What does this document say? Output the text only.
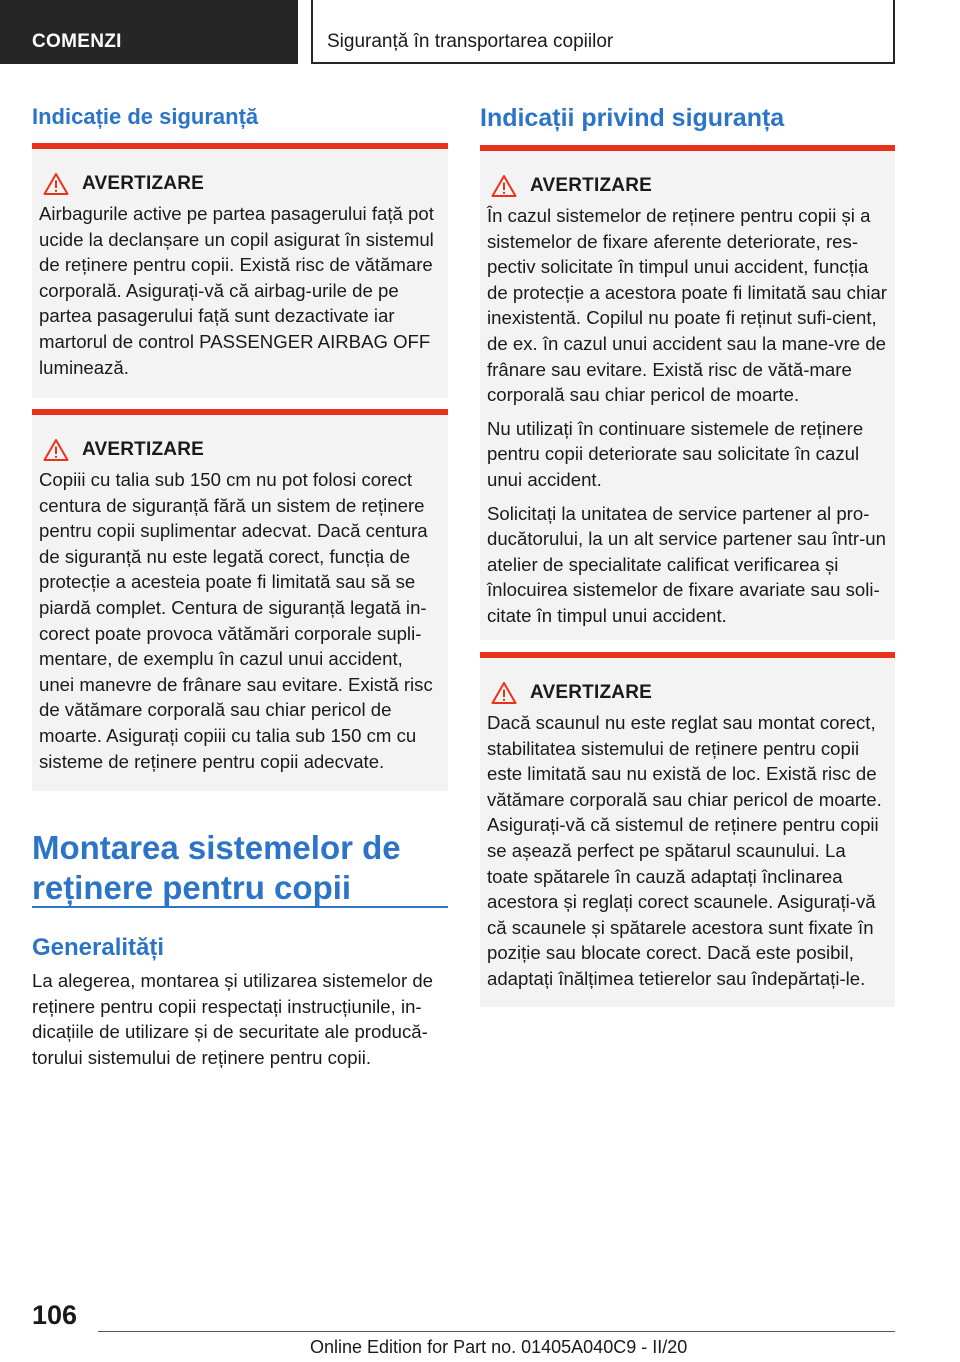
COMENZI	Siguranță în transportarea copiilor
Indicație de siguranță
AVERTIZARE

Airbagurile active pe partea pasagerului față pot ucide la declanșare un copil asigurat în sistemul de reținere pentru copii. Există risc de vătămare corporală. Asigurați-vă că airbag-urile de pe partea pasagerului față sunt dezactivate iar martorul de control PASSENGER AIRBAG OFF luminează.

AVERTIZARE

Copiii cu talia sub 150 cm nu pot folosi corect centura de siguranță fără un sistem de reținere pentru copii suplimentar adecvat. Dacă centura de siguranță nu este legată corect, funcția de protecție a acesteia poate fi limitată sau să se piardă complet. Centura de siguranță legată in-corect poate provoca vătămări corporale supli-mentare, de exemplu în cazul unui accident, unei manevre de frânare sau evitare. Există risc de vătămare corporală sau chiar pericol de moarte. Asigurați copiii cu talia sub 150 cm cu sisteme de reținere pentru copii adecvate.

Montarea sistemelor de reținere pentru copii
Generalități

La alegerea, montarea și utilizarea sistemelor de reținere pentru copii respectați instrucțiunile, in-dicațiile de utilizare și de securitate ale producă-torului sistemului de reținere pentru copii.

Indicații privind siguranța
AVERTIZARE

În cazul sistemelor de reținere pentru copii și a sistemelor de fixare aferente deteriorate, res-pectiv solicitate în timpul unui accident, funcția de protecție a acestora poate fi limitată sau chiar inexistentă. Copilul nu poate fi reținut sufi-cient, de ex. în cazul unui accident sau la mane-vre de frânare sau evitare. Există risc de vătă-mare corporală sau chiar pericol de moarte.

Nu utilizați în continuare sistemele de reținere pentru copii deteriorate sau solicitate în cazul unui accident.

Solicitați la unitatea de service partener al pro-ducătorului, la un alt service partener sau într-un atelier de specialitate calificat verificarea și înlocuirea sistemelor de fixare avariate sau soli-citate în timpul unui accident.

AVERTIZARE

Dacă scaunul nu este reglat sau montat corect, stabilitatea sistemului de reținere pentru copii este limitată sau nu există de loc. Există risc de vătămare corporală sau chiar pericol de moarte. Asigurați-vă că sistemul de reținere pentru copii se așează perfect pe spătarul scaunului. La toate spătarele în cauză adaptați înclinarea acestora și reglați corect scaunele. Asigurați-vă că scaunele și spătarele acestora sunt fixate în poziție sau blocate corect. Dacă este posibil, adaptați înălțimea tetierelor sau îndepărtați-le.

106
Online Edition for Part no. 01405A040C9 - II/20
